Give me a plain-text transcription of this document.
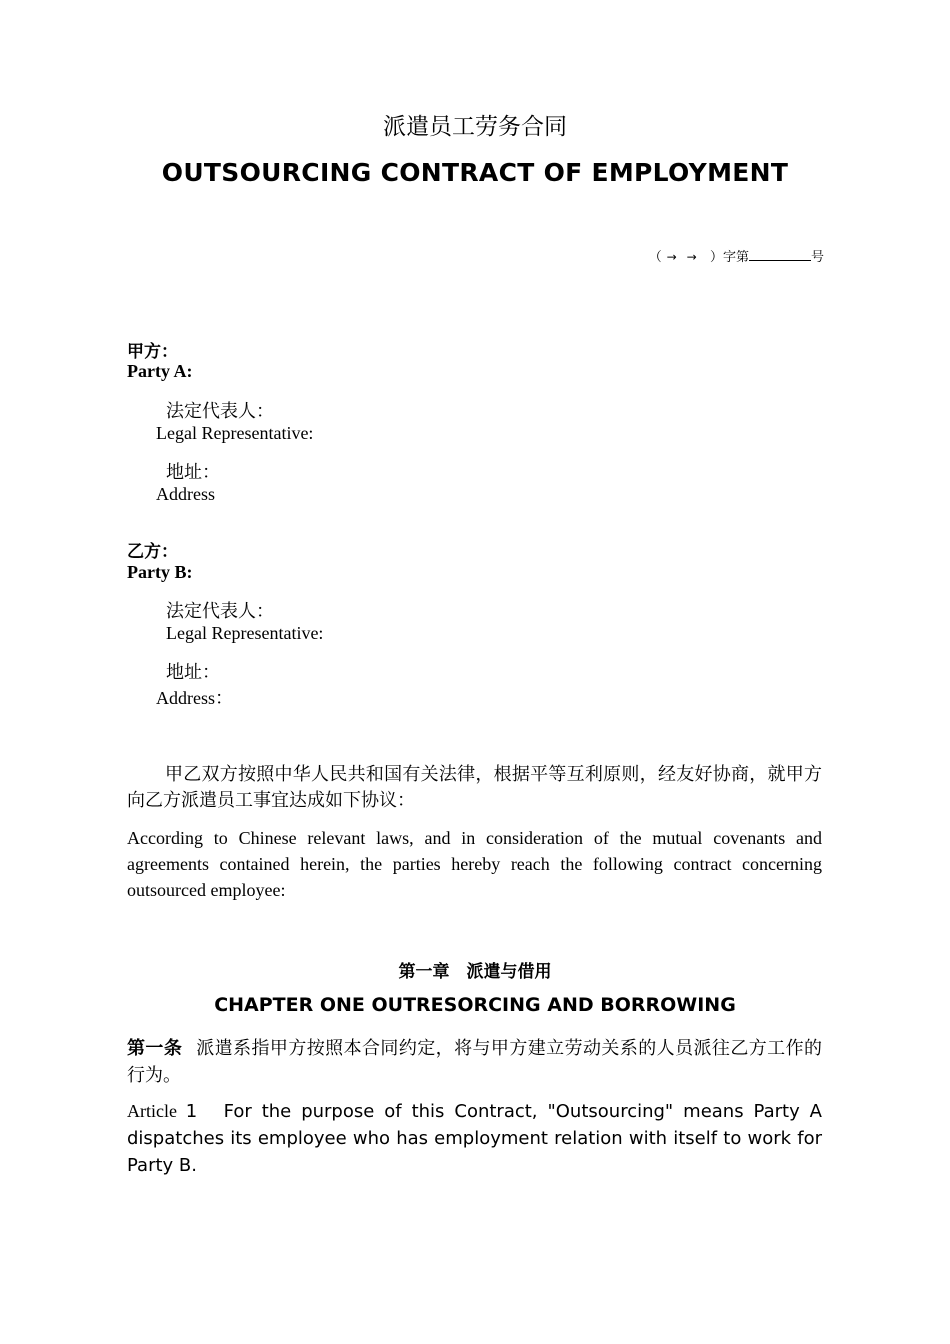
派遣员工劳务合同
OUTSOURCING CONTRACT OF EMPLOYMENT
（ → → ）字第	号
甲方：
Party A:
法定代表人：
Legal Representative:
地址：
Address
乙方：
Party B:
法定代表人：
Legal Representative:
地址：
Address：
甲乙双方按照中华人民共和国有关法律，根据平等互利原则，经友好协商，就甲方向乙方派遣员工事宜达成如下协议：
According to Chinese relevant laws, and in consideration of the mutual covenants and agreements contained herein, the parties hereby reach the following contract concerning outsourced employee:
第一章　派遣与借用
CHAPTER ONE OUTRESORCING AND BORROWING
第一条 派遣系指甲方按照本合同约定，将与甲方建立劳动关系的人员派往乙方工作的行为。
Article 1　For the purpose of this Contract, "Outsourcing" means Party A dispatches its employee who has employment relation with itself to work for Party B.
